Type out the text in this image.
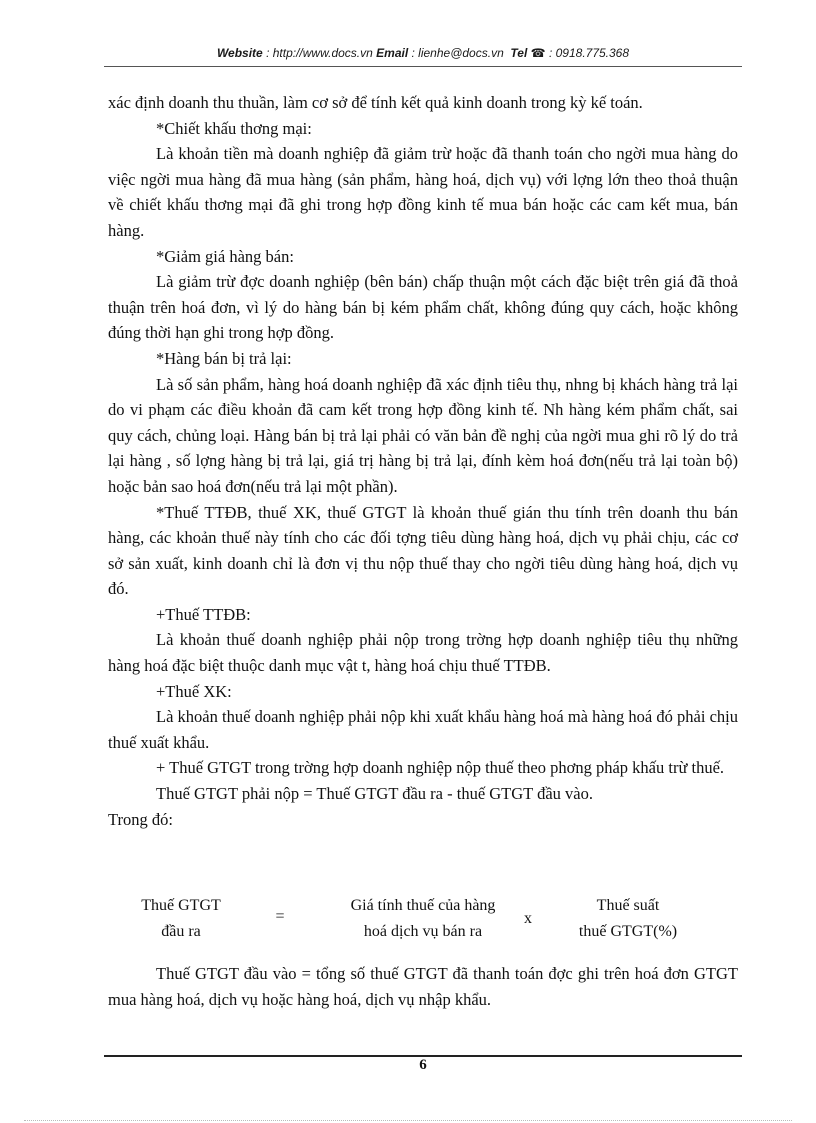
Website : http://www.docs.vn Email : lienhe@docs.vn Tel ☎ : 0918.775.368

xác định doanh thu thuần, làm cơ sở để tính kết quả kinh doanh trong kỳ kế toán.

*Chiết khấu thơng mại:

Là khoản tiền mà doanh nghiệp đã giảm trừ hoặc đã thanh toán cho ngời mua hàng do việc ngời mua hàng đã mua hàng (sản phẩm, hàng hoá, dịch vụ) với lợng lớn theo thoả thuận về chiết khấu thơng mại đã ghi trong hợp đồng kinh tế mua bán hoặc các cam kết mua, bán hàng.

*Giảm giá hàng bán:

Là giảm trừ đợc doanh nghiệp (bên bán) chấp thuận một cách đặc biệt trên giá đã thoả thuận trên hoá đơn, vì lý do hàng bán bị kém phẩm chất, không đúng quy cách, hoặc không đúng thời hạn ghi trong hợp đồng.

*Hàng bán bị trả lại:

Là số sản phẩm, hàng hoá doanh nghiệp đã xác định tiêu thụ, nhng bị khách hàng trả lại do vi phạm các điều khoản đã cam kết trong hợp đồng kinh tế. Nh hàng kém phẩm chất, sai quy cách, chủng loại. Hàng bán bị trả lại phải có văn bản đề nghị của ngời mua ghi rõ lý do trả lại hàng , số lợng hàng bị trả lại, giá trị hàng bị trả lại, đính kèm hoá đơn(nếu trả lại toàn bộ) hoặc bản sao hoá đơn(nếu trả lại một phần).

*Thuế TTĐB, thuế XK, thuế GTGT là khoản thuế gián thu tính trên doanh thu bán hàng, các khoản thuế này tính cho các đối tợng tiêu dùng hàng hoá, dịch vụ phải chịu, các cơ sở sản xuất, kinh doanh chỉ là đơn vị thu nộp thuế thay cho ngời tiêu dùng hàng hoá, dịch vụ đó.

+Thuế TTĐB:

Là khoản thuế doanh nghiệp phải nộp trong trờng hợp doanh nghiệp tiêu thụ những hàng hoá đặc biệt thuộc danh mục vật t, hàng hoá chịu thuế TTĐB.

+Thuế XK:

Là khoản thuế doanh nghiệp phải nộp khi xuất khẩu hàng hoá mà hàng hoá đó phải chịu thuế xuất khẩu.

+ Thuế GTGT trong trờng hợp doanh nghiệp nộp thuế theo phơng pháp khấu trừ thuế.

Thuế GTGT phải nộp = Thuế GTGT đầu ra - thuế GTGT đầu vào.

Trong đó:

Thuế GTGT
đầu ra
=
Giá tính thuế của hàng
hoá dịch vụ bán ra
x
Thuế suất
thuế GTGT(%)

Thuế GTGT đầu vào = tổng số thuế GTGT đã thanh toán đợc ghi trên hoá đơn GTGT mua hàng hoá, dịch vụ hoặc hàng hoá, dịch vụ nhập khẩu.

6
